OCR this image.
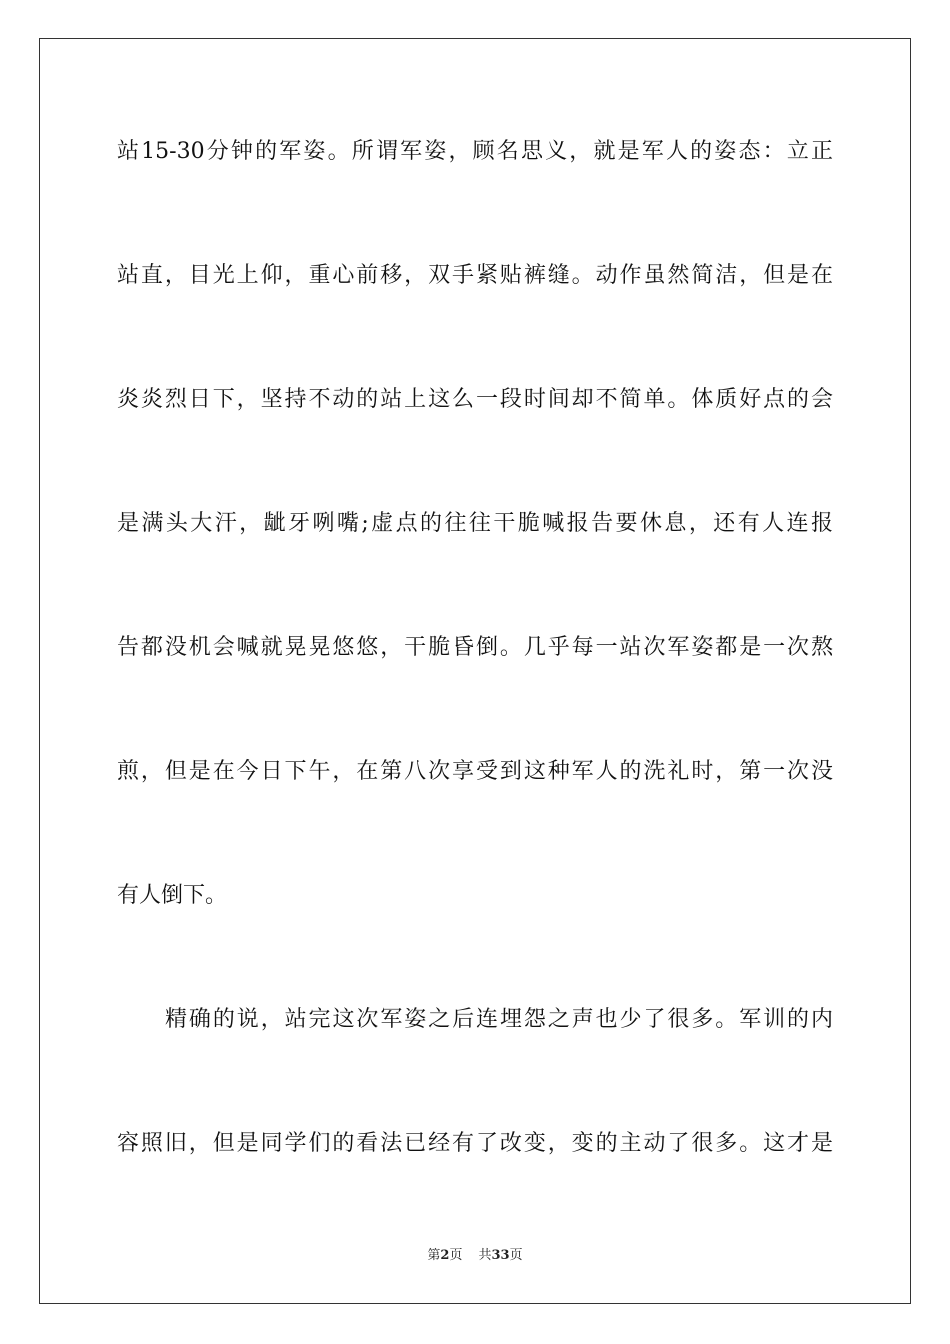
站15-30分钟的军姿。所谓军姿，顾名思义，就是军人的姿态：立正
站直，目光上仰，重心前移，双手紧贴裤缝。动作虽然简洁，但是在
炎炎烈日下，坚持不动的站上这么一段时间却不简单。体质好点的会
是满头大汗，龇牙咧嘴;虚点的往往干脆喊报告要休息，还有人连报
告都没机会喊就晃晃悠悠，干脆昏倒。几乎每一站次军姿都是一次熬
煎，但是在今日下午，在第八次享受到这种军人的洗礼时，第一次没
有人倒下。
精确的说，站完这次军姿之后连埋怨之声也少了很多。军训的内
容照旧，但是同学们的看法已经有了改变，变的主动了很多。这才是
第2页 共33页
